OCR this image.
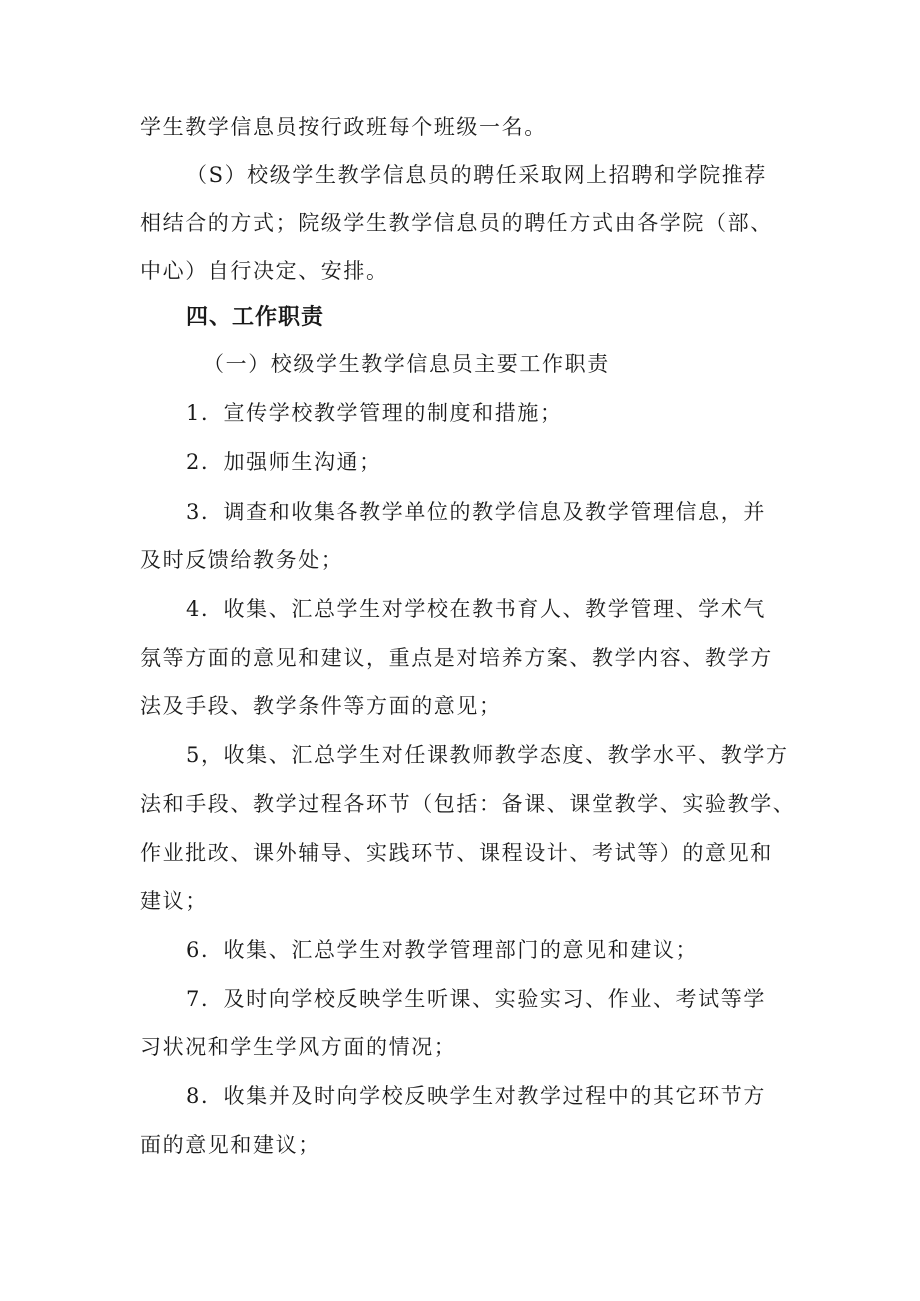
学生教学信息员按行政班每个班级一名。
（S）校级学生教学信息员的聘任采取网上招聘和学院推荐
相结合的方式；院级学生教学信息员的聘任方式由各学院（部、
中心）自行决定、安排。
四、工作职责
（一）校级学生教学信息员主要工作职责
1．宣传学校教学管理的制度和措施；
2．加强师生沟通；
3．调查和收集各教学单位的教学信息及教学管理信息，并
及时反馈给教务处；
4．收集、汇总学生对学校在教书育人、教学管理、学术气
氛等方面的意见和建议，重点是对培养方案、教学内容、教学方
法及手段、教学条件等方面的意见；
5，收集、汇总学生对任课教师教学态度、教学水平、教学方
法和手段、教学过程各环节（包括：备课、课堂教学、实验教学、
作业批改、课外辅导、实践环节、课程设计、考试等）的意见和
建议；
6．收集、汇总学生对教学管理部门的意见和建议；
7．及时向学校反映学生听课、实验实习、作业、考试等学
习状况和学生学风方面的情况；
8．收集并及时向学校反映学生对教学过程中的其它环节方
面的意见和建议；
